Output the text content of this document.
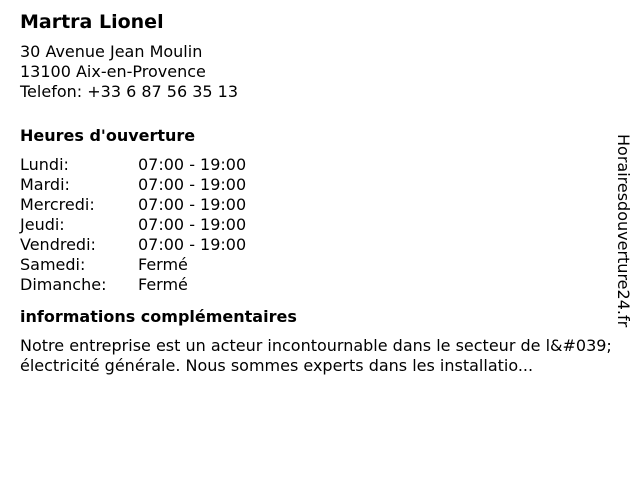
Martra Lionel
30 Avenue Jean Moulin
13100 Aix-en-Provence
Telefon: +33 6 87 56 35 13
Heures d'ouverture
Lundi:	07:00 - 19:00
Mardi:	07:00 - 19:00
Mercredi:	07:00 - 19:00
Jeudi:	07:00 - 19:00
Vendredi:	07:00 - 19:00
Samedi:	Fermé
Dimanche:	Fermé
informations complémentaires
Notre entreprise est un acteur incontournable dans le secteur de l&#039;électricité générale. Nous sommes experts dans les installatio...
Horairesdouverture24.fr
